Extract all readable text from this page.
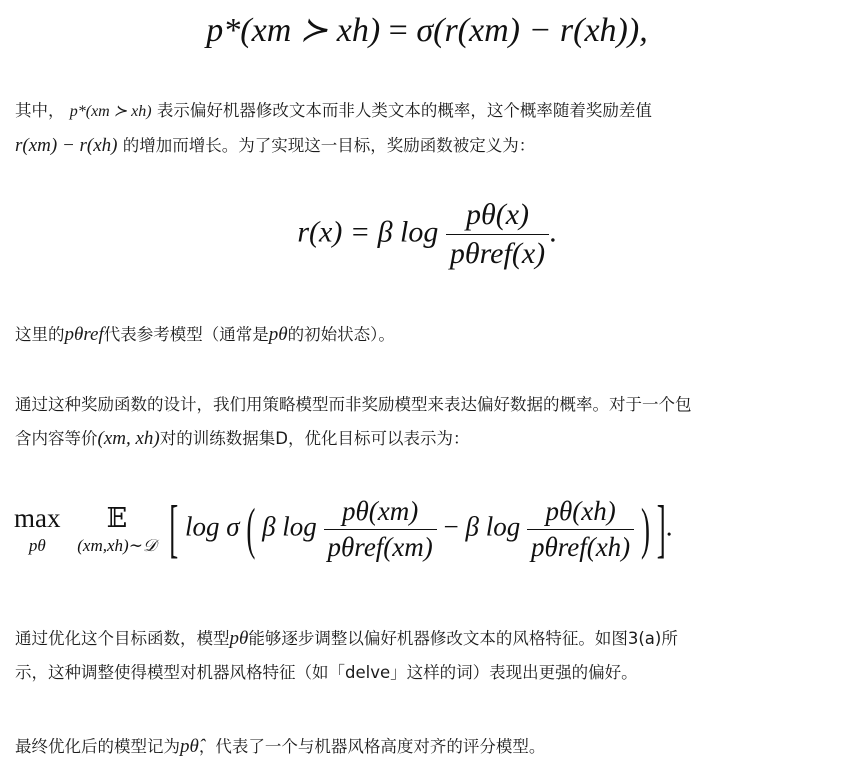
p*(xm ≻ xh) = σ(r(xm) − r(xh)),
其中， p*(xm ≻ xh) 表示偏好机器修改文本而非人类文本的概率，这个概率随着奖励差值
r(xm) − r(xh) 的增加而增长。为了实现这一目标，奖励函数被定义为：
r(x) = β $\log \frac{p\theta(x)}{\text{pθref(x)}}$ .
这里的pθref代表参考模型（通常是pθ的初始状态）。
通过这种奖励函数的设计，我们用策略模型而非奖励模型来表达偏好数据的概率。对于一个包
含内容等价(xm, xh)对的训练数据集D，优化目标可以表示为：
max
pθ

𝔼
(xm,xh)∼𝒟 [ log σ ( β $\log \frac{p\theta(xm)}{\text{pθref(xm)}} - \beta$ $\log \frac{p\theta(xh)}{\text{pθref(xh)}}$ ) ].
通过优化这个目标函数，模型pθ能够逐步调整以偏好机器修改文本的风格特征。如图3(a)所
示，这种调整使得模型对机器风格特征（如「delve」这样的词）表现出更强的偏好。
最终优化后的模型记为pθ̂，代表了一个与机器风格高度对齐的评分模型。
